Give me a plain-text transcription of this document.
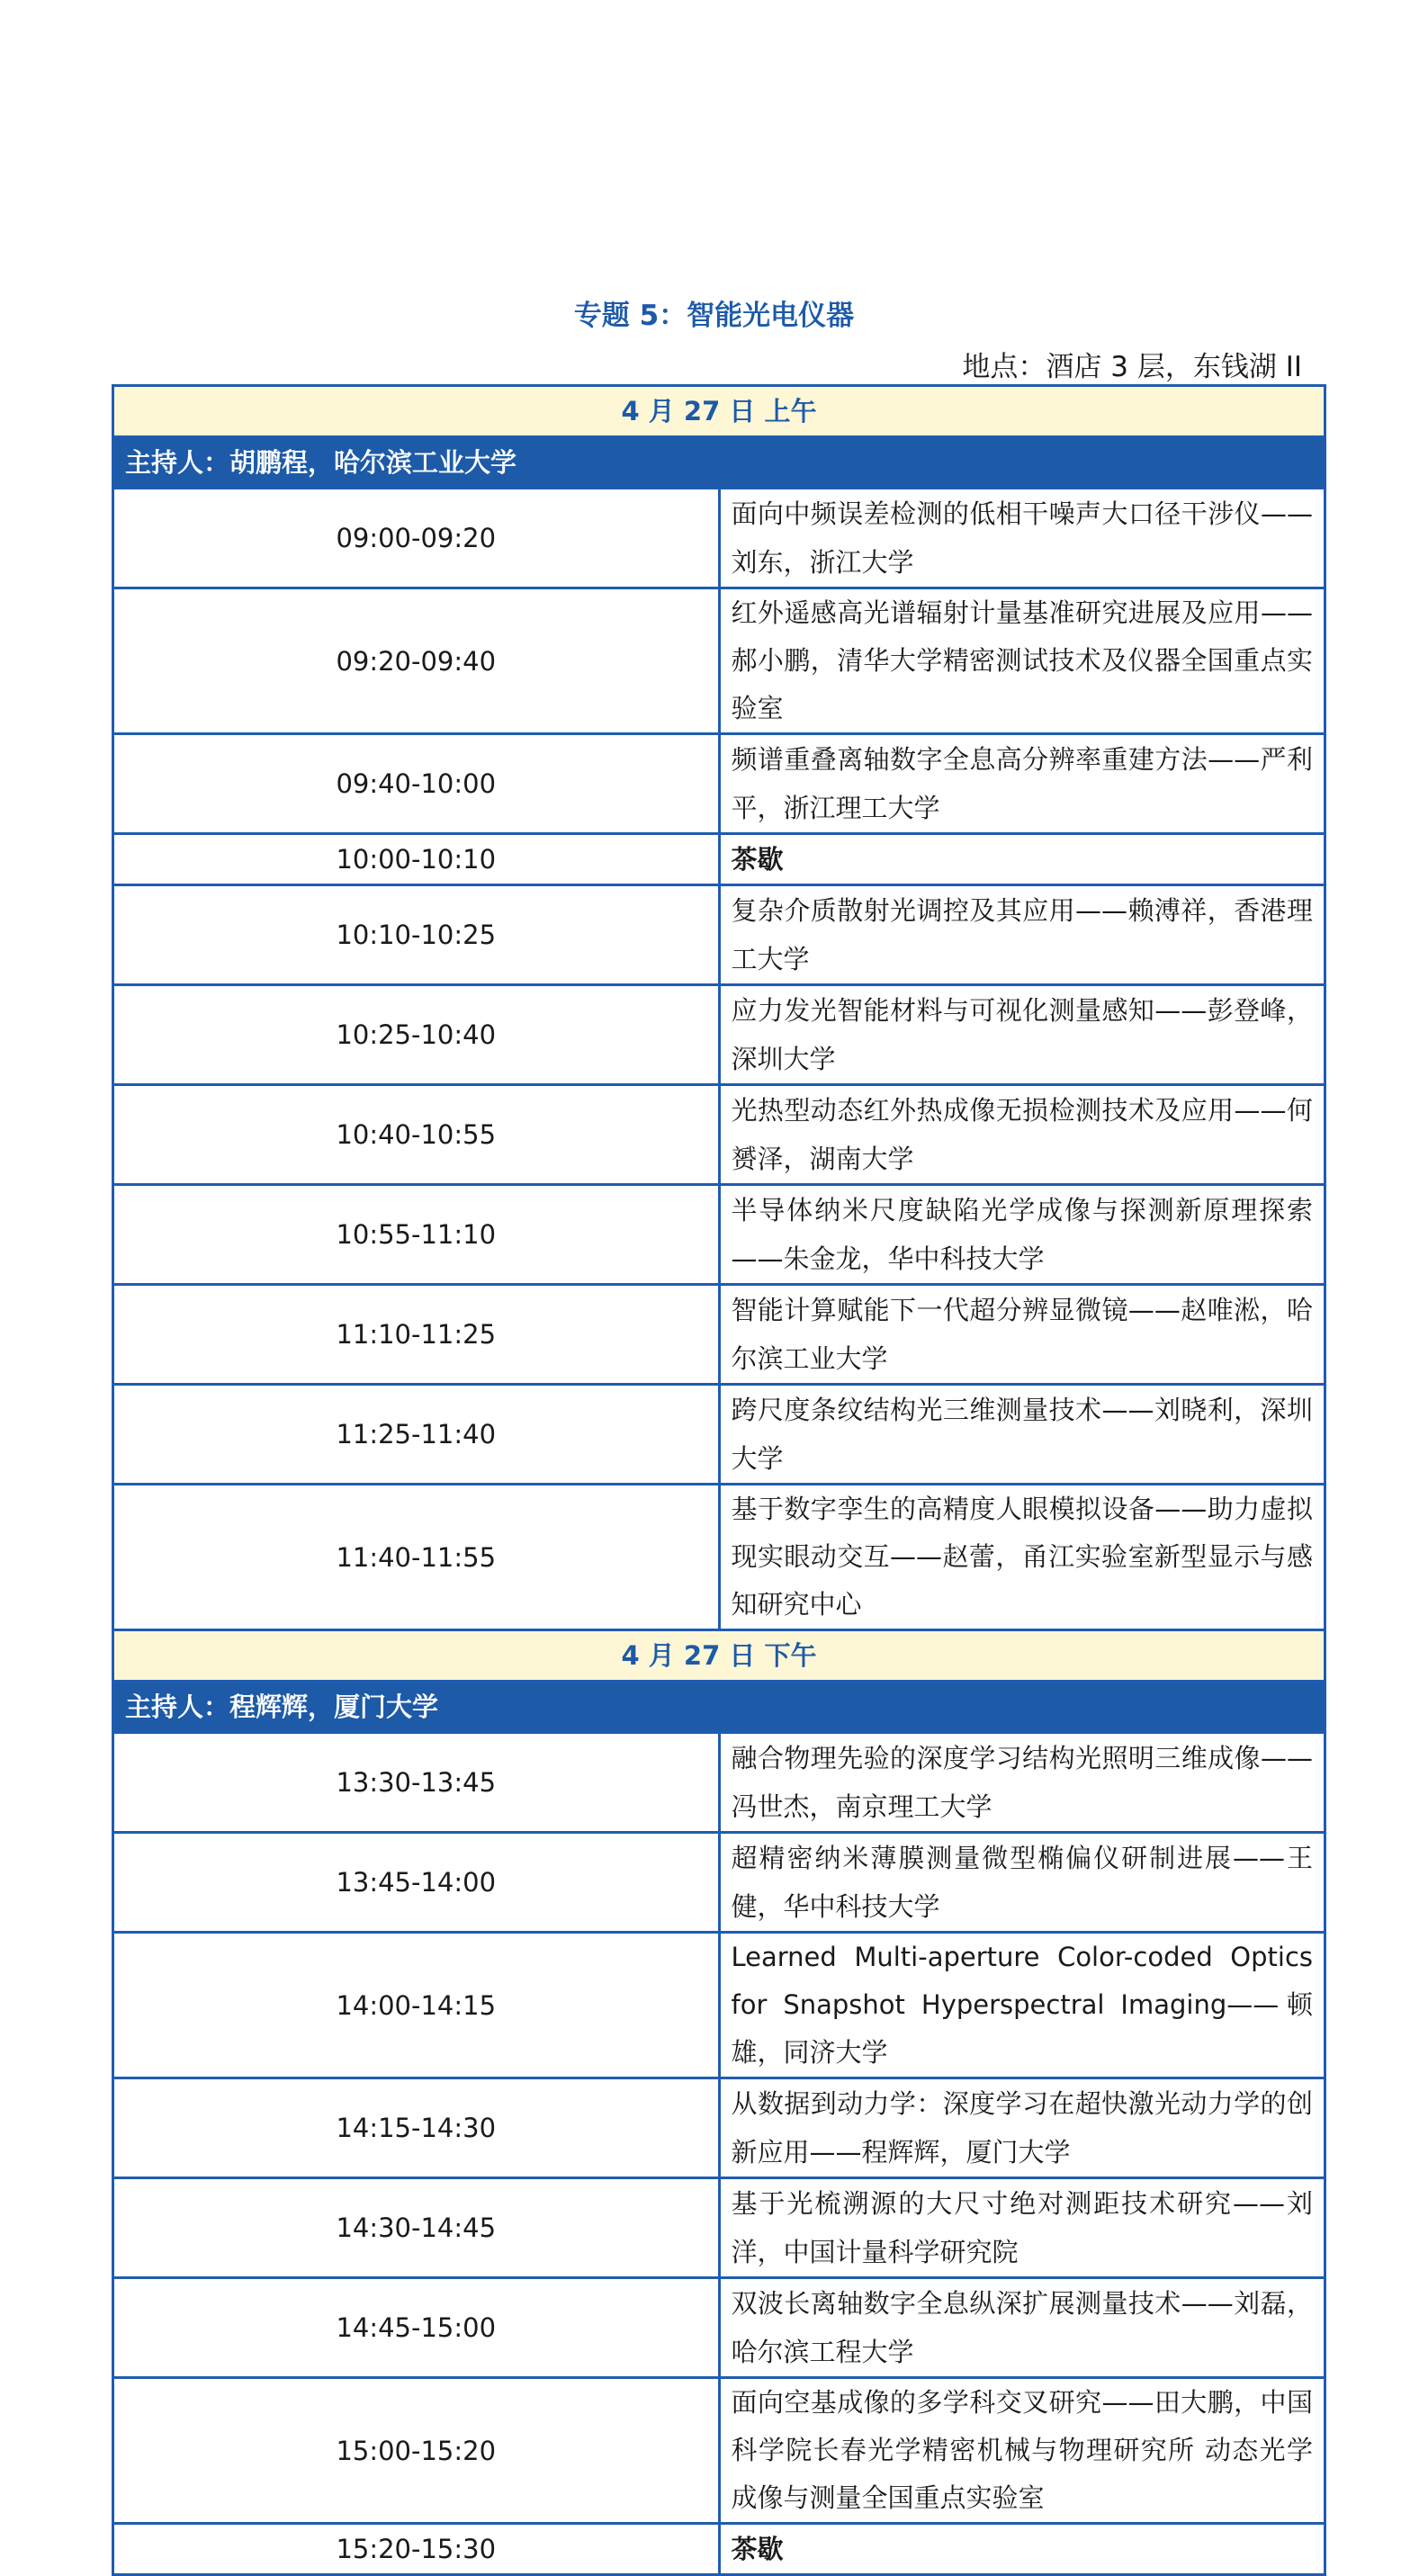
专题 5：智能光电仪器
地点：酒店 3 层，东钱湖 II
4 月 27 日 上午	
主持人：胡鹏程，哈尔滨工业大学	
09:00-09:20	面向中频误差检测的低相干噪声大口径干涉仪——刘东，浙江大学
09:20-09:40	红外遥感高光谱辐射计量基准研究进展及应用——郝小鹏，清华大学精密测试技术及仪器全国重点实验室
09:40-10:00	频谱重叠离轴数字全息高分辨率重建方法——严利平，浙江理工大学
10:00-10:10	茶歇
10:10-10:25	复杂介质散射光调控及其应用——赖溥祥，香港理工大学
10:25-10:40	应力发光智能材料与可视化测量感知——彭登峰，深圳大学
10:40-10:55	光热型动态红外热成像无损检测技术及应用——何赟泽，湖南大学
10:55-11:10	半导体纳米尺度缺陷光学成像与探测新原理探索——朱金龙，华中科技大学
11:10-11:25	智能计算赋能下一代超分辨显微镜——赵唯淞，哈尔滨工业大学
11:25-11:40	跨尺度条纹结构光三维测量技术——刘晓利，深圳大学
11:40-11:55	基于数字孪生的高精度人眼模拟设备——助力虚拟现实眼动交互——赵蕾，甬江实验室新型显示与感知研究中心
4 月 27 日 下午	
主持人：程辉辉，厦门大学	
13:30-13:45	融合物理先验的深度学习结构光照明三维成像——冯世杰，南京理工大学
13:45-14:00	超精密纳米薄膜测量微型椭偏仪研制进展——王健，华中科技大学
14:00-14:15	Learned Multi-aperture Color-coded Optics for Snapshot Hyperspectral Imaging——顿雄，同济大学
14:15-14:30	从数据到动力学：深度学习在超快激光动力学的创新应用——程辉辉，厦门大学
14:30-14:45	基于光梳溯源的大尺寸绝对测距技术研究——刘洋，中国计量科学研究院
14:45-15:00	双波长离轴数字全息纵深扩展测量技术——刘磊，哈尔滨工程大学
15:00-15:20	面向空基成像的多学科交叉研究——田大鹏，中国科学院长春光学精密机械与物理研究所 动态光学成像与测量全国重点实验室
15:20-15:30	茶歇
